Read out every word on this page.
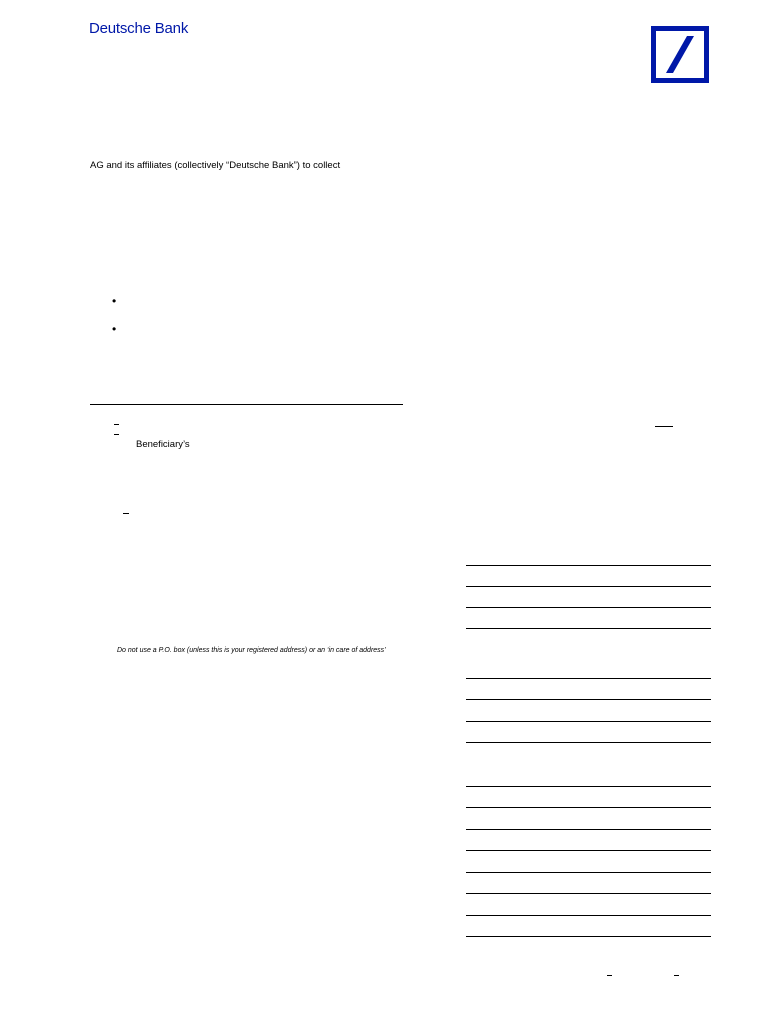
Deutsche Bank
AG and its affiliates (collectively “Deutsche Bank”) to collect
•
•
Beneficiary’s
Do not use a P.O. box (unless this is your registered address) or an ‘in care of address’
